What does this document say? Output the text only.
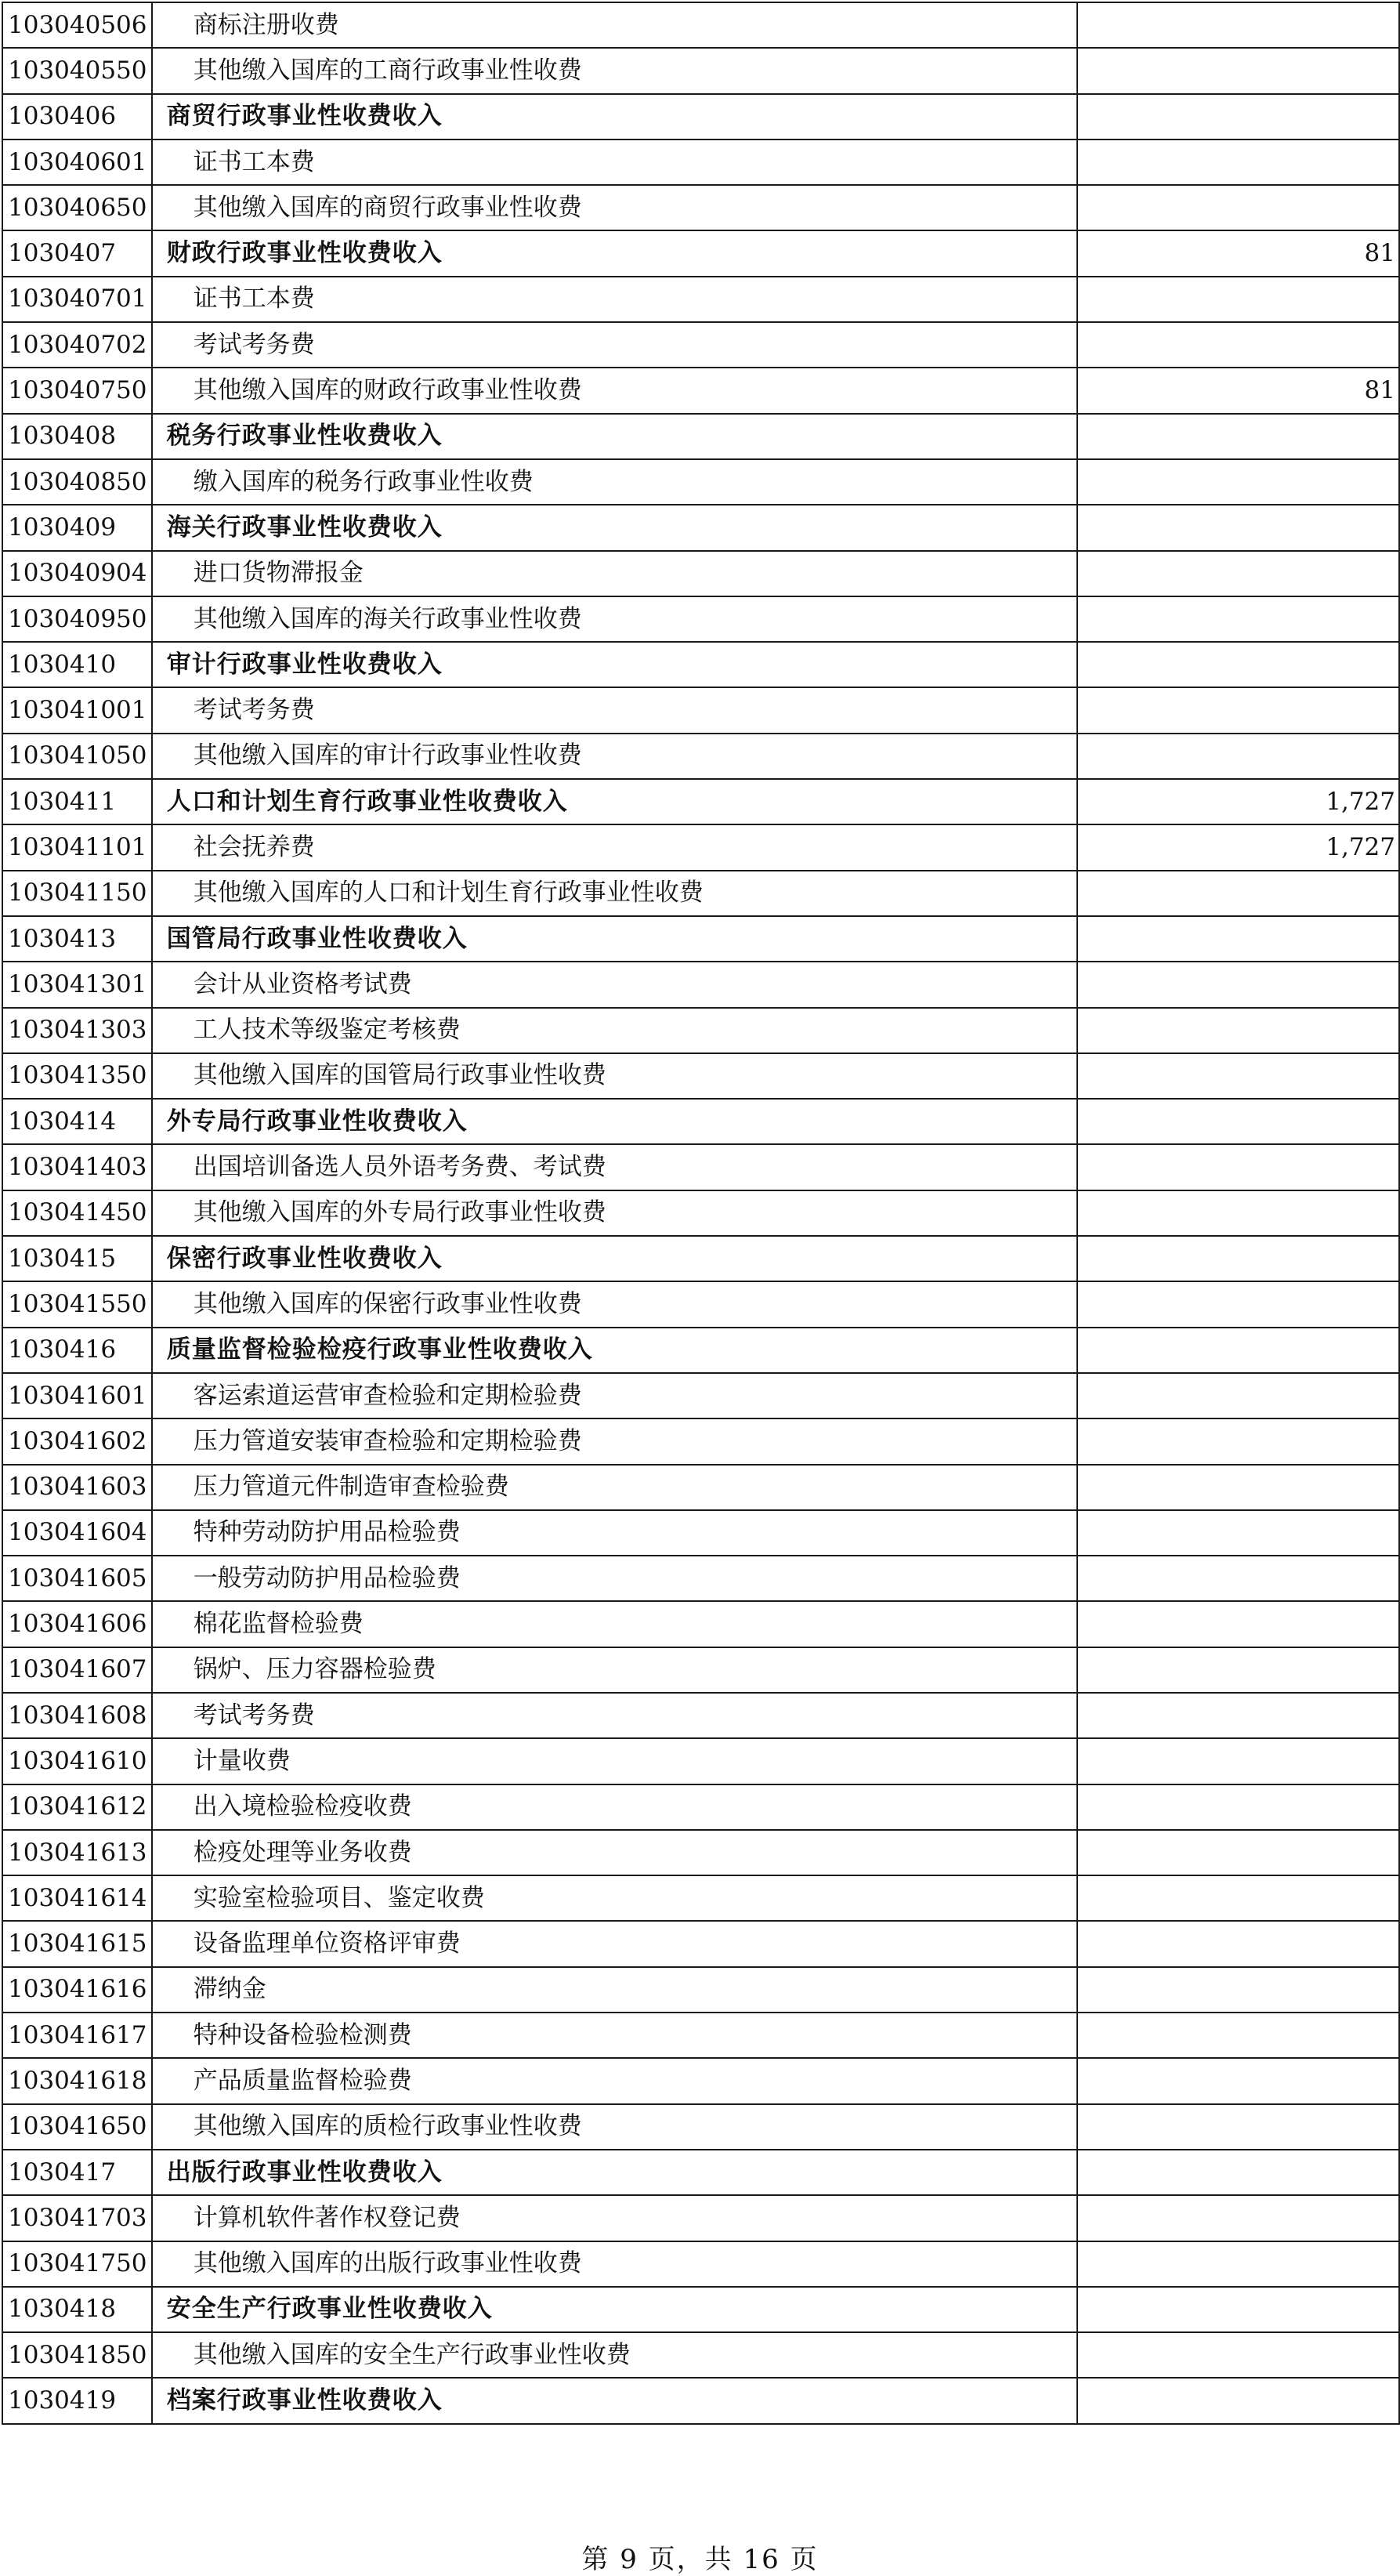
103040506	商标注册收费	
103040550	其他缴入国库的工商行政事业性收费	
1030406	商贸行政事业性收费收入	
103040601	证书工本费	
103040650	其他缴入国库的商贸行政事业性收费	
1030407	财政行政事业性收费收入	81
103040701	证书工本费	
103040702	考试考务费	
103040750	其他缴入国库的财政行政事业性收费	81
1030408	税务行政事业性收费收入	
103040850	缴入国库的税务行政事业性收费	
1030409	海关行政事业性收费收入	
103040904	进口货物滞报金	
103040950	其他缴入国库的海关行政事业性收费	
1030410	审计行政事业性收费收入	
103041001	考试考务费	
103041050	其他缴入国库的审计行政事业性收费	
1030411	人口和计划生育行政事业性收费收入	1,727
103041101	社会抚养费	1,727
103041150	其他缴入国库的人口和计划生育行政事业性收费	
1030413	国管局行政事业性收费收入	
103041301	会计从业资格考试费	
103041303	工人技术等级鉴定考核费	
103041350	其他缴入国库的国管局行政事业性收费	
1030414	外专局行政事业性收费收入	
103041403	出国培训备选人员外语考务费、考试费	
103041450	其他缴入国库的外专局行政事业性收费	
1030415	保密行政事业性收费收入	
103041550	其他缴入国库的保密行政事业性收费	
1030416	质量监督检验检疫行政事业性收费收入	
103041601	客运索道运营审查检验和定期检验费	
103041602	压力管道安装审查检验和定期检验费	
103041603	压力管道元件制造审查检验费	
103041604	特种劳动防护用品检验费	
103041605	一般劳动防护用品检验费	
103041606	棉花监督检验费	
103041607	锅炉、压力容器检验费	
103041608	考试考务费	
103041610	计量收费	
103041612	出入境检验检疫收费	
103041613	检疫处理等业务收费	
103041614	实验室检验项目、鉴定收费	
103041615	设备监理单位资格评审费	
103041616	滞纳金	
103041617	特种设备检验检测费	
103041618	产品质量监督检验费	
103041650	其他缴入国库的质检行政事业性收费	
1030417	出版行政事业性收费收入	
103041703	计算机软件著作权登记费	
103041750	其他缴入国库的出版行政事业性收费	
1030418	安全生产行政事业性收费收入	
103041850	其他缴入国库的安全生产行政事业性收费	
1030419	档案行政事业性收费收入	
第 9 页，共 16 页
